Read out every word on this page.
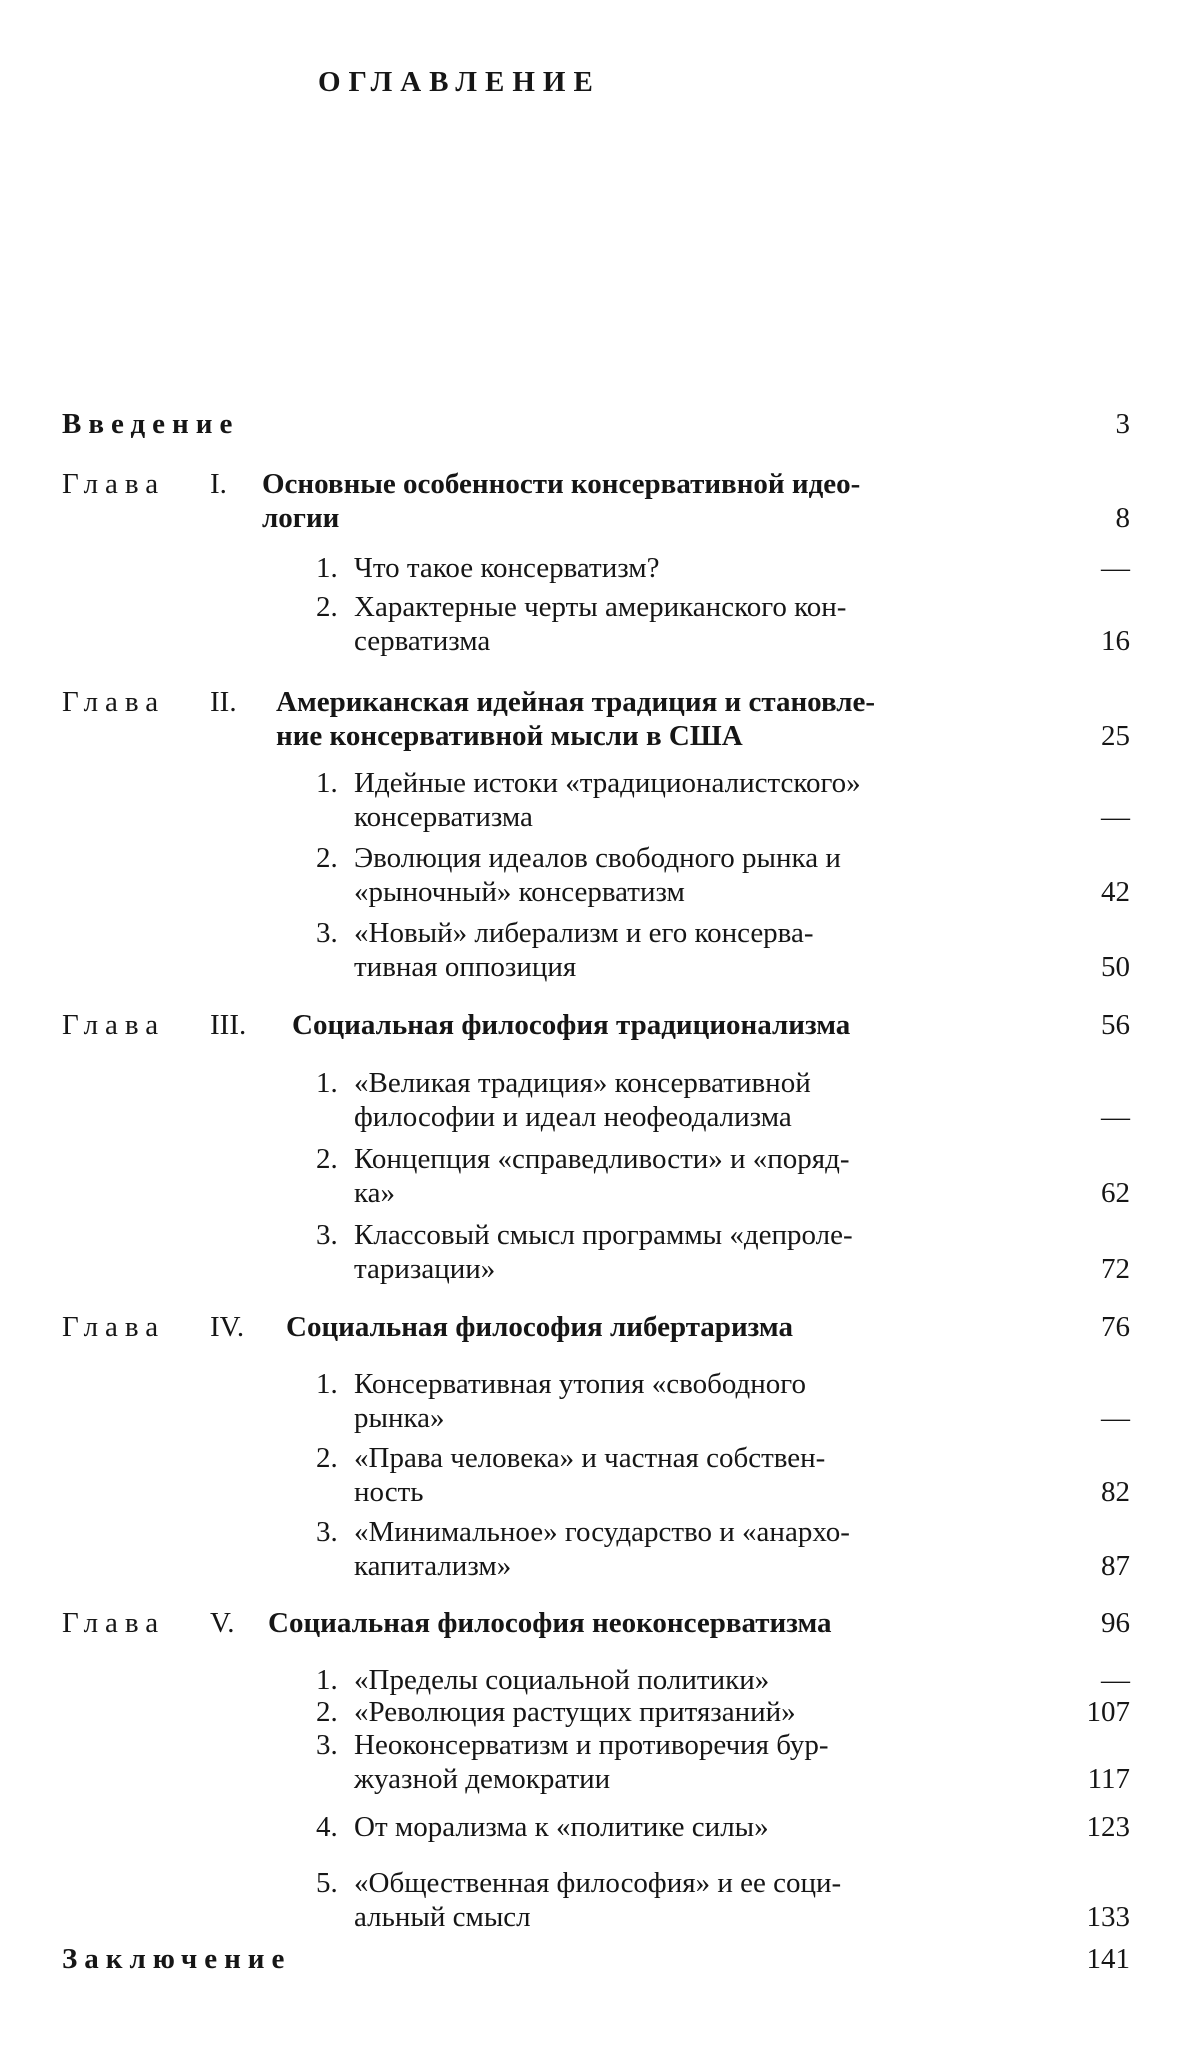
ОГЛАВЛЕНИЕ
Введение	3
Глава I. Основные особенности консервативной идео-
логии	8
1. Что такое консерватизм?	—
2. Характерные черты американского кон-
серватизма	16
Глава II. Американская идейная традиция и становле-
ние консервативной мысли в США	25
1. Идейные истоки «традиционалистского»
консерватизма	—
2. Эволюция идеалов свободного рынка и
«рыночный» консерватизм	42
3. «Новый» либерализм и его консерва-
тивная оппозиция	50
Глава III. Социальная философия традиционализма	56
1. «Великая традиция» консервативной
философии и идеал неофеодализма	—
2. Концепция «справедливости» и «поряд-
ка»	62
3. Классовый смысл программы «депроле-
таризации»	72
Глава IV. Социальная философия либертаризма	76
1. Консервативная утопия «свободного
рынка»	—
2. «Права человека» и частная собствен-
ность	82
3. «Минимальное» государство и «анархо-
капитализм»	87
Глава V. Социальная философия неоконсерватизма	96
1. «Пределы социальной политики»	—
2. «Революция растущих притязаний»	107
3. Неоконсерватизм и противоречия бур-
жуазной демократии	117
4. От морализма к «политике силы»	123
5. «Общественная философия» и ее соци-
альный смысл	133
Заключение	141
